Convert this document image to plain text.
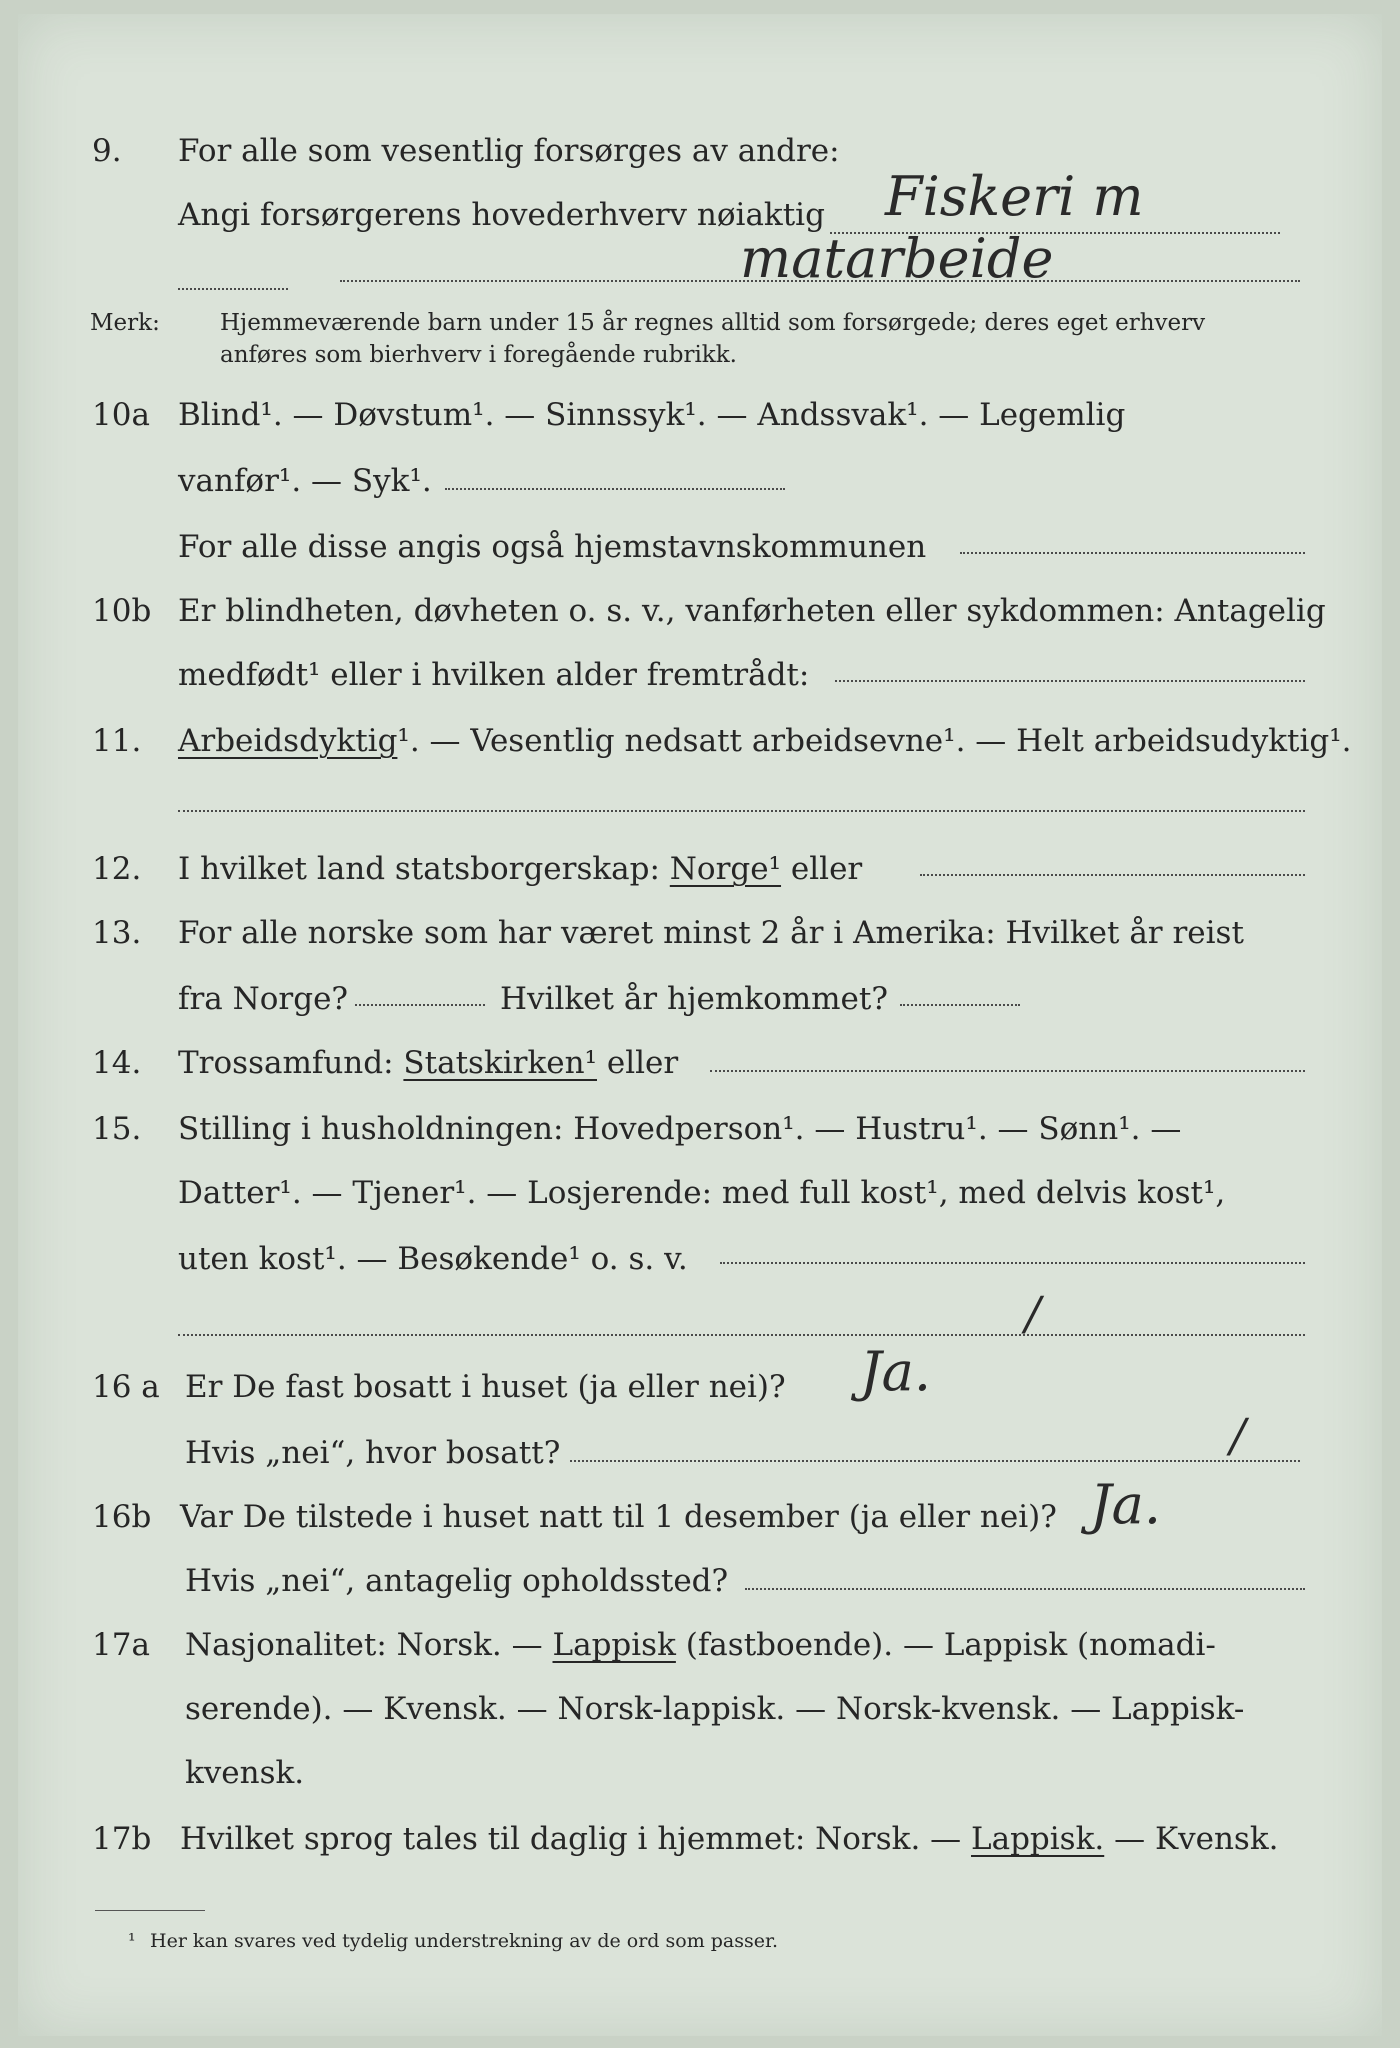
9. For alle som vesentlig forsørges av andre:
Angi forsørgerens hovederhverv nøiaktig Fiskeri m
matarbeide
Merk:	Hjemmeværende barn under 15 år regnes alltid som forsørgede; deres eget erhverv
anføres som bierhverv i foregående rubrikk.
10a Blind¹. — Døvstum¹. — Sinnssyk¹. — Andssvak¹. — Legemlig
vanfør¹. — Syk¹.
For alle disse angis også hjemstavnskommunen
10b Er blindheten, døvheten o. s. v., vanførheten eller sykdommen: Antagelig
medfødt¹ eller i hvilken alder fremtrådt:
11. Arbeidsdyktig¹. — Vesentlig nedsatt arbeidsevne¹. — Helt arbeidsudyktig¹.
12. I hvilket land statsborgerskap: Norge¹ eller
13. For alle norske som har været minst 2 år i Amerika: Hvilket år reist
fra Norge?	Hvilket år hjemkommet?
14. Trossamfund: Statskirken¹ eller
15. Stilling i husholdningen: Hovedperson¹. — Hustru¹. — Sønn¹. —
Datter¹. — Tjener¹. — Losjerende: med full kost¹, med delvis kost¹,
uten kost¹. — Besøkende¹ o. s. v.
/
16 a Er De fast bosatt i huset (ja eller nei)? Ja.
Hvis „nei“, hvor bosatt?	/
16b Var De tilstede i huset natt til 1 desember (ja eller nei)? Ja.
Hvis „nei“, antagelig opholdssted?
17a Nasjonalitet: Norsk. — Lappisk (fastboende). — Lappisk (nomadi-
serende). — Kvensk. — Norsk-lappisk. — Norsk-kvensk. — Lappisk-
kvensk.
17b Hvilket sprog tales til daglig i hjemmet: Norsk. — Lappisk. — Kvensk.
¹ Her kan svares ved tydelig understrekning av de ord som passer.
